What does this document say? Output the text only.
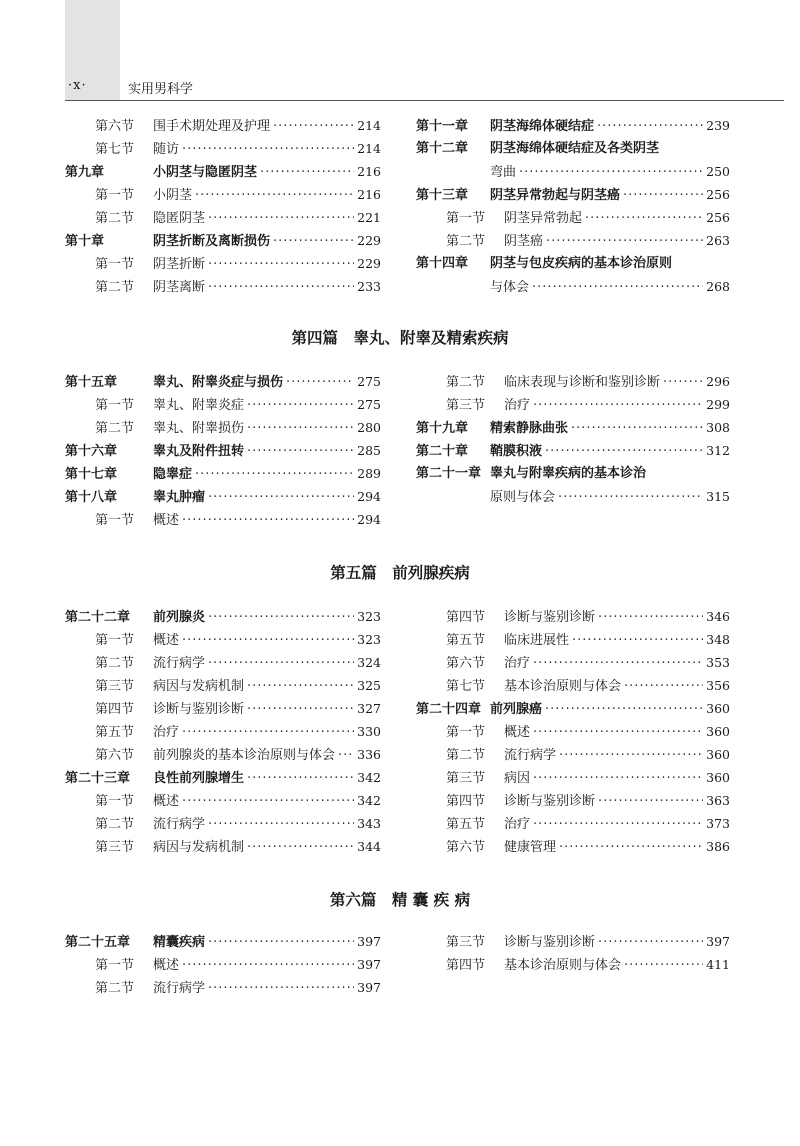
·x·	实用男科学
第六节	围手术期处理及护理 ·····	214
第七节	随访 ·····	214
第九章	小阴茎与隐匿阴茎 ·····	216
第一节	小阴茎 ·····	216
第二节	隐匿阴茎 ·····	221
第十章	阴茎折断及离断损伤 ·····	229
第一节	阴茎折断 ·····	229
第二节	阴茎离断 ·····	233
第十一章	阴茎海绵体硬结症 ·····	239
第十二章	阴茎海绵体硬结症及各类阴茎
弯曲 ·····	250
第十三章	阴茎异常勃起与阴茎癌 ·····	256
第一节	阴茎异常勃起 ·····	256
第二节	阴茎癌 ·····	263
第十四章	阴茎与包皮疾病的基本诊治原则
与体会 ·····	268
第四篇　睾丸、附睾及精索疾病
第十五章	睾丸、附睾炎症与损伤 ·····	275
第一节	睾丸、附睾炎症 ·····	275
第二节	睾丸、附睾损伤 ·····	280
第十六章	睾丸及附件扭转 ·····	285
第十七章	隐睾症 ·····	289
第十八章	睾丸肿瘤 ·····	294
第一节	概述 ·····	294
第二节	临床表现与诊断和鉴别诊断 ·····	296
第三节	治疗 ·····	299
第十九章	精索静脉曲张 ·····	308
第二十章	鞘膜积液 ·····	312
第二十一章 睾丸与附睾疾病的基本诊治
原则与体会 ·····	315
第五篇　前列腺疾病
第二十二章	前列腺炎 ·····	323
第一节	概述 ·····	323
第二节	流行病学 ·····	324
第三节	病因与发病机制 ·····	325
第四节	诊断与鉴别诊断 ·····	327
第五节	治疗 ·····	330
第六节	前列腺炎的基本诊治原则与体会 ····· 336
第二十三章	良性前列腺增生 ·····	342
第一节	概述 ·····	342
第二节	流行病学 ·····	343
第三节	病因与发病机制 ·····	344
第四节	诊断与鉴别诊断 ·····	346
第五节	临床进展性 ·····	348
第六节	治疗 ·····	353
第七节	基本诊治原则与体会 ·····	356
第二十四章 前列腺癌 ·····	360
第一节	概述 ·····	360
第二节	流行病学 ·····	360
第三节	病因 ·····	360
第四节	诊断与鉴别诊断 ·····	363
第五节	治疗 ·····	373
第六节	健康管理 ·····	386
第六篇　精 囊 疾 病
第二十五章	精囊疾病 ·····	397
第一节	概述 ·····	397
第二节	流行病学 ·····	397
第三节	诊断与鉴别诊断 ·····	397
第四节	基本诊治原则与体会 ·····	411
